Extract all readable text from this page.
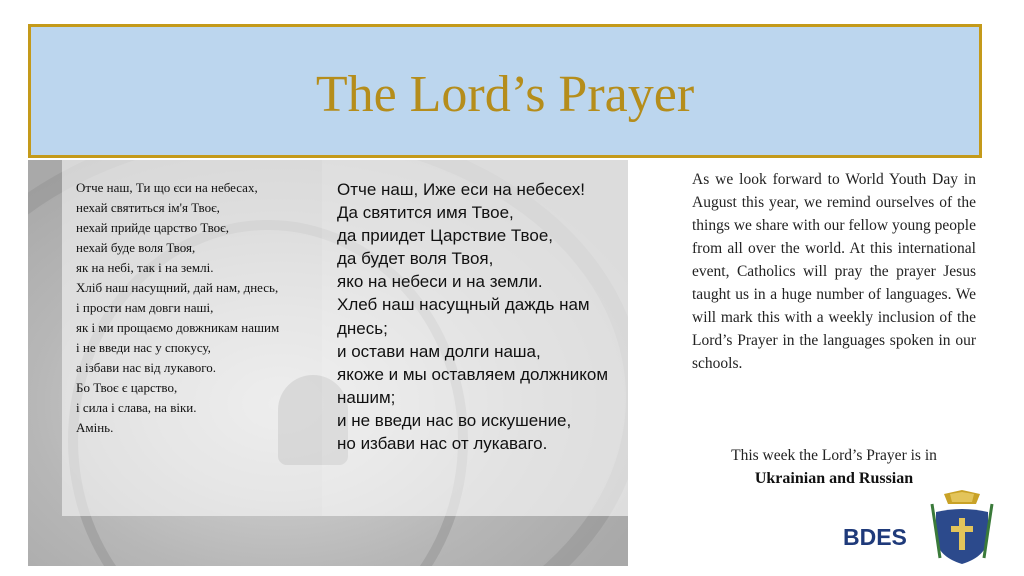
The Lord’s Prayer
Отче наш, Ти що єси на небесах,
нехай святиться ім'я Твоє,
нехай прийде царство Твоє,
нехай буде воля Твоя,
як на небі, так і на землі.
Хліб наш насущний, дай нам, днесь,
і прости нам довги наші,
як і ми прощаємо довжникам нашим
і не введи нас у спокусу,
а ізбави нас від лукавого.
Бо Твоє є царство,
і сила і слава, на віки.
Амінь.
Отче наш, Иже еси на небесех!
Да святится имя Твое,
да приидет Царствие Твое,
да будет воля Твоя,
яко на небеси и на земли.
Хлеб наш насущный даждь нам днесь;
и остави нам долги наша,
якоже и мы оставляем должником нашим;
и не введи нас во искушение,
но избави нас от лукаваго.
As we look forward to World Youth Day in August this year, we remind ourselves of the things we share with our fellow young people from all over the world. At this international event, Catholics will pray the prayer Jesus taught us in a huge number of languages. We will mark this with a weekly inclusion of the Lord’s Prayer in the languages spoken in our schools.
This week the Lord’s Prayer is in
Ukrainian and Russian
BDES
